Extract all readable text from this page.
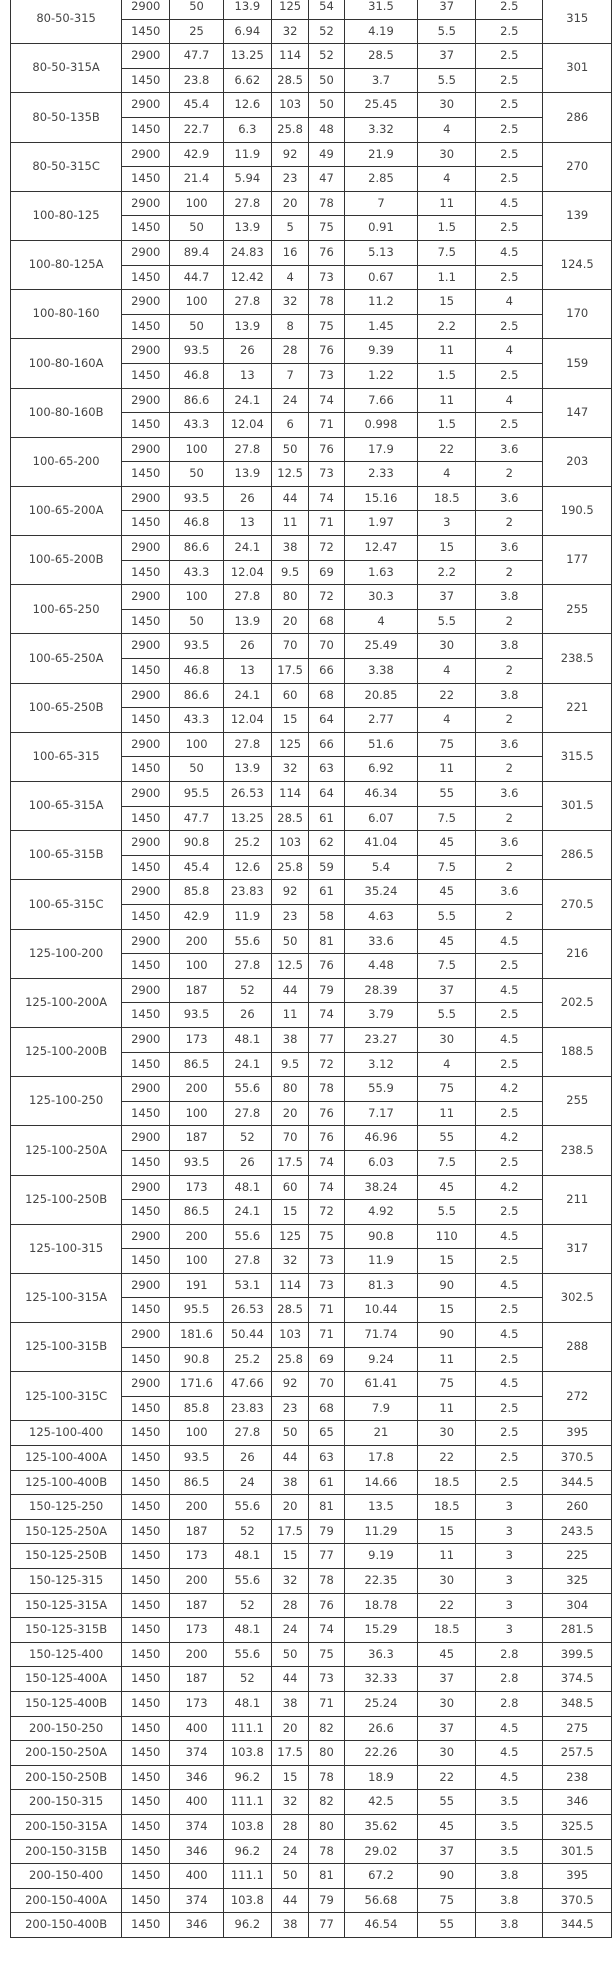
80-50-315	2900	50	13.9	125	54	31.5	37	2.5	315
	1450	25	6.94	32	52	4.19	5.5	2.5	
80-50-315A	2900	47.7	13.25	114	52	28.5	37	2.5	301
	1450	23.8	6.62	28.5	50	3.7	5.5	2.5	
80-50-135B	2900	45.4	12.6	103	50	25.45	30	2.5	286
	1450	22.7	6.3	25.8	48	3.32	4	2.5	
80-50-315C	2900	42.9	11.9	92	49	21.9	30	2.5	270
	1450	21.4	5.94	23	47	2.85	4	2.5	
100-80-125	2900	100	27.8	20	78	7	11	4.5	139
	1450	50	13.9	5	75	0.91	1.5	2.5	
100-80-125A	2900	89.4	24.83	16	76	5.13	7.5	4.5	124.5
	1450	44.7	12.42	4	73	0.67	1.1	2.5	
100-80-160	2900	100	27.8	32	78	11.2	15	4	170
	1450	50	13.9	8	75	1.45	2.2	2.5	
100-80-160A	2900	93.5	26	28	76	9.39	11	4	159
	1450	46.8	13	7	73	1.22	1.5	2.5	
100-80-160B	2900	86.6	24.1	24	74	7.66	11	4	147
	1450	43.3	12.04	6	71	0.998	1.5	2.5	
100-65-200	2900	100	27.8	50	76	17.9	22	3.6	203
	1450	50	13.9	12.5	73	2.33	4	2	
100-65-200A	2900	93.5	26	44	74	15.16	18.5	3.6	190.5
	1450	46.8	13	11	71	1.97	3	2	
100-65-200B	2900	86.6	24.1	38	72	12.47	15	3.6	177
	1450	43.3	12.04	9.5	69	1.63	2.2	2	
100-65-250	2900	100	27.8	80	72	30.3	37	3.8	255
	1450	50	13.9	20	68	4	5.5	2	
100-65-250A	2900	93.5	26	70	70	25.49	30	3.8	238.5
	1450	46.8	13	17.5	66	3.38	4	2	
100-65-250B	2900	86.6	24.1	60	68	20.85	22	3.8	221
	1450	43.3	12.04	15	64	2.77	4	2	
100-65-315	2900	100	27.8	125	66	51.6	75	3.6	315.5
	1450	50	13.9	32	63	6.92	11	2	
100-65-315A	2900	95.5	26.53	114	64	46.34	55	3.6	301.5
	1450	47.7	13.25	28.5	61	6.07	7.5	2	
100-65-315B	2900	90.8	25.2	103	62	41.04	45	3.6	286.5
	1450	45.4	12.6	25.8	59	5.4	7.5	2	
100-65-315C	2900	85.8	23.83	92	61	35.24	45	3.6	270.5
	1450	42.9	11.9	23	58	4.63	5.5	2	
125-100-200	2900	200	55.6	50	81	33.6	45	4.5	216
	1450	100	27.8	12.5	76	4.48	7.5	2.5	
125-100-200A	2900	187	52	44	79	28.39	37	4.5	202.5
	1450	93.5	26	11	74	3.79	5.5	2.5	
125-100-200B	2900	173	48.1	38	77	23.27	30	4.5	188.5
	1450	86.5	24.1	9.5	72	3.12	4	2.5	
125-100-250	2900	200	55.6	80	78	55.9	75	4.2	255
	1450	100	27.8	20	76	7.17	11	2.5	
125-100-250A	2900	187	52	70	76	46.96	55	4.2	238.5
	1450	93.5	26	17.5	74	6.03	7.5	2.5	
125-100-250B	2900	173	48.1	60	74	38.24	45	4.2	211
	1450	86.5	24.1	15	72	4.92	5.5	2.5	
125-100-315	2900	200	55.6	125	75	90.8	110	4.5	317
	1450	100	27.8	32	73	11.9	15	2.5	
125-100-315A	2900	191	53.1	114	73	81.3	90	4.5	302.5
	1450	95.5	26.53	28.5	71	10.44	15	2.5	
125-100-315B	2900	181.6	50.44	103	71	71.74	90	4.5	288
	1450	90.8	25.2	25.8	69	9.24	11	2.5	
125-100-315C	2900	171.6	47.66	92	70	61.41	75	4.5	272
	1450	85.8	23.83	23	68	7.9	11	2.5	
125-100-400	1450	100	27.8	50	65	21	30	2.5	395
125-100-400A	1450	93.5	26	44	63	17.8	22	2.5	370.5
125-100-400B	1450	86.5	24	38	61	14.66	18.5	2.5	344.5
150-125-250	1450	200	55.6	20	81	13.5	18.5	3	260
150-125-250A	1450	187	52	17.5	79	11.29	15	3	243.5
150-125-250B	1450	173	48.1	15	77	9.19	11	3	225
150-125-315	1450	200	55.6	32	78	22.35	30	3	325
150-125-315A	1450	187	52	28	76	18.78	22	3	304
150-125-315B	1450	173	48.1	24	74	15.29	18.5	3	281.5
150-125-400	1450	200	55.6	50	75	36.3	45	2.8	399.5
150-125-400A	1450	187	52	44	73	32.33	37	2.8	374.5
150-125-400B	1450	173	48.1	38	71	25.24	30	2.8	348.5
200-150-250	1450	400	111.1	20	82	26.6	37	4.5	275
200-150-250A	1450	374	103.8	17.5	80	22.26	30	4.5	257.5
200-150-250B	1450	346	96.2	15	78	18.9	22	4.5	238
200-150-315	1450	400	111.1	32	82	42.5	55	3.5	346
200-150-315A	1450	374	103.8	28	80	35.62	45	3.5	325.5
200-150-315B	1450	346	96.2	24	78	29.02	37	3.5	301.5
200-150-400	1450	400	111.1	50	81	67.2	90	3.8	395
200-150-400A	1450	374	103.8	44	79	56.68	75	3.8	370.5
200-150-400B	1450	346	96.2	38	77	46.54	55	3.8	344.5
